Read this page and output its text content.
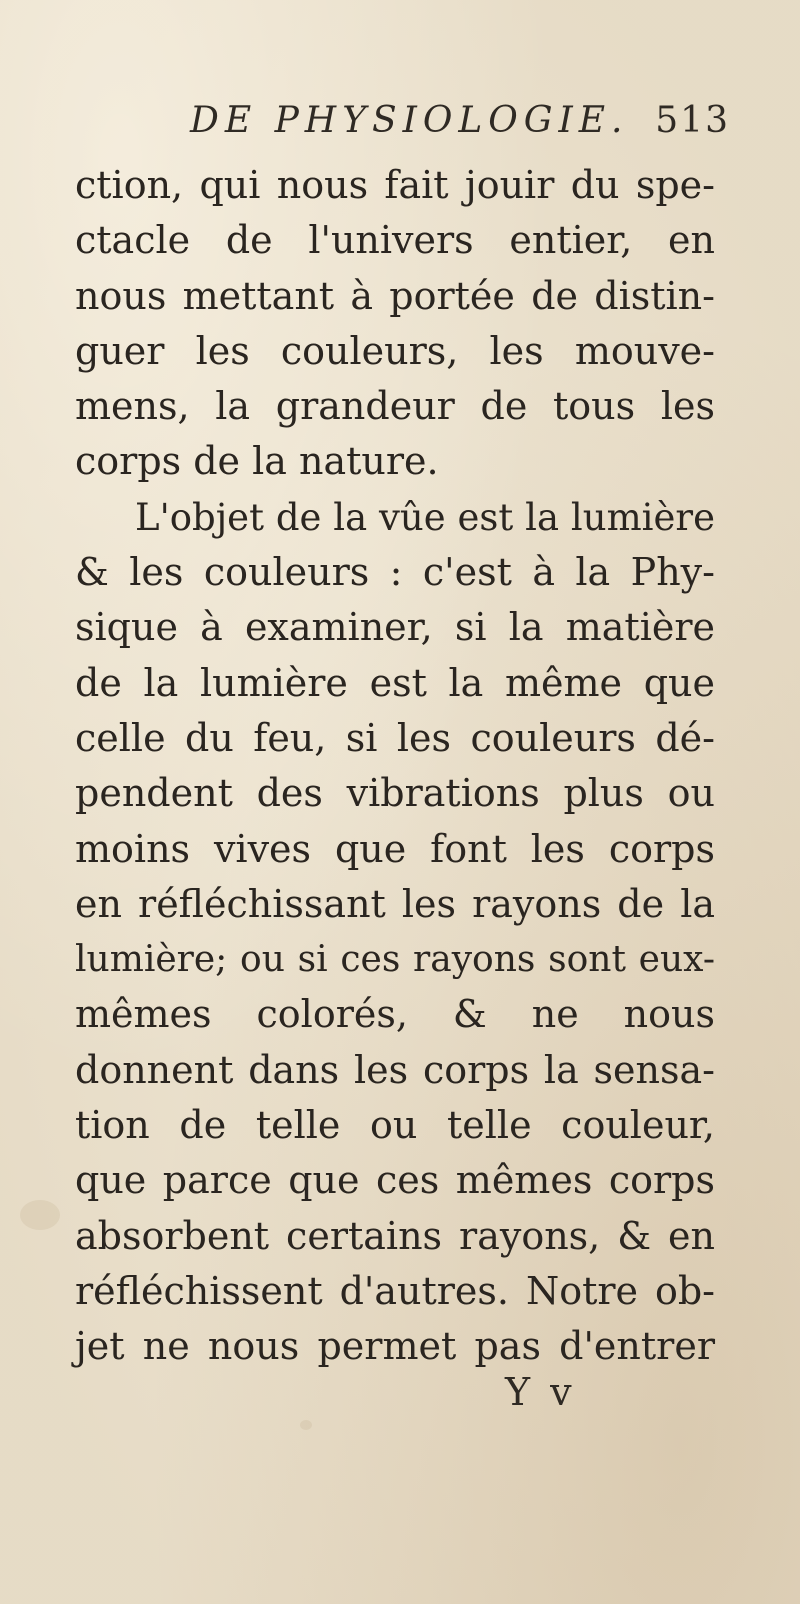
DE PHYSIOLOGIE. 513
ction, qui nous fait jouir du spe-
ctacle de l'univers entier, en
nous mettant à portée de distin-
guer les couleurs, les mouve-
mens, la grandeur de tous les
corps de la nature.
L'objet de la vûe est la lumière
& les couleurs : c'est à la Phy-
sique à examiner, si la matière
de la lumière est la même que
celle du feu, si les couleurs dé-
pendent des vibrations plus ou
moins vives que font les corps
en réfléchissant les rayons de la
lumière; ou si ces rayons sont eux-
mêmes colorés, & ne nous
donnent dans les corps la sensa-
tion de telle ou telle couleur,
que parce que ces mêmes corps
absorbent certains rayons, & en
réfléchissent d'autres. Notre ob-
jet ne nous permet pas d'entrer
Y v
